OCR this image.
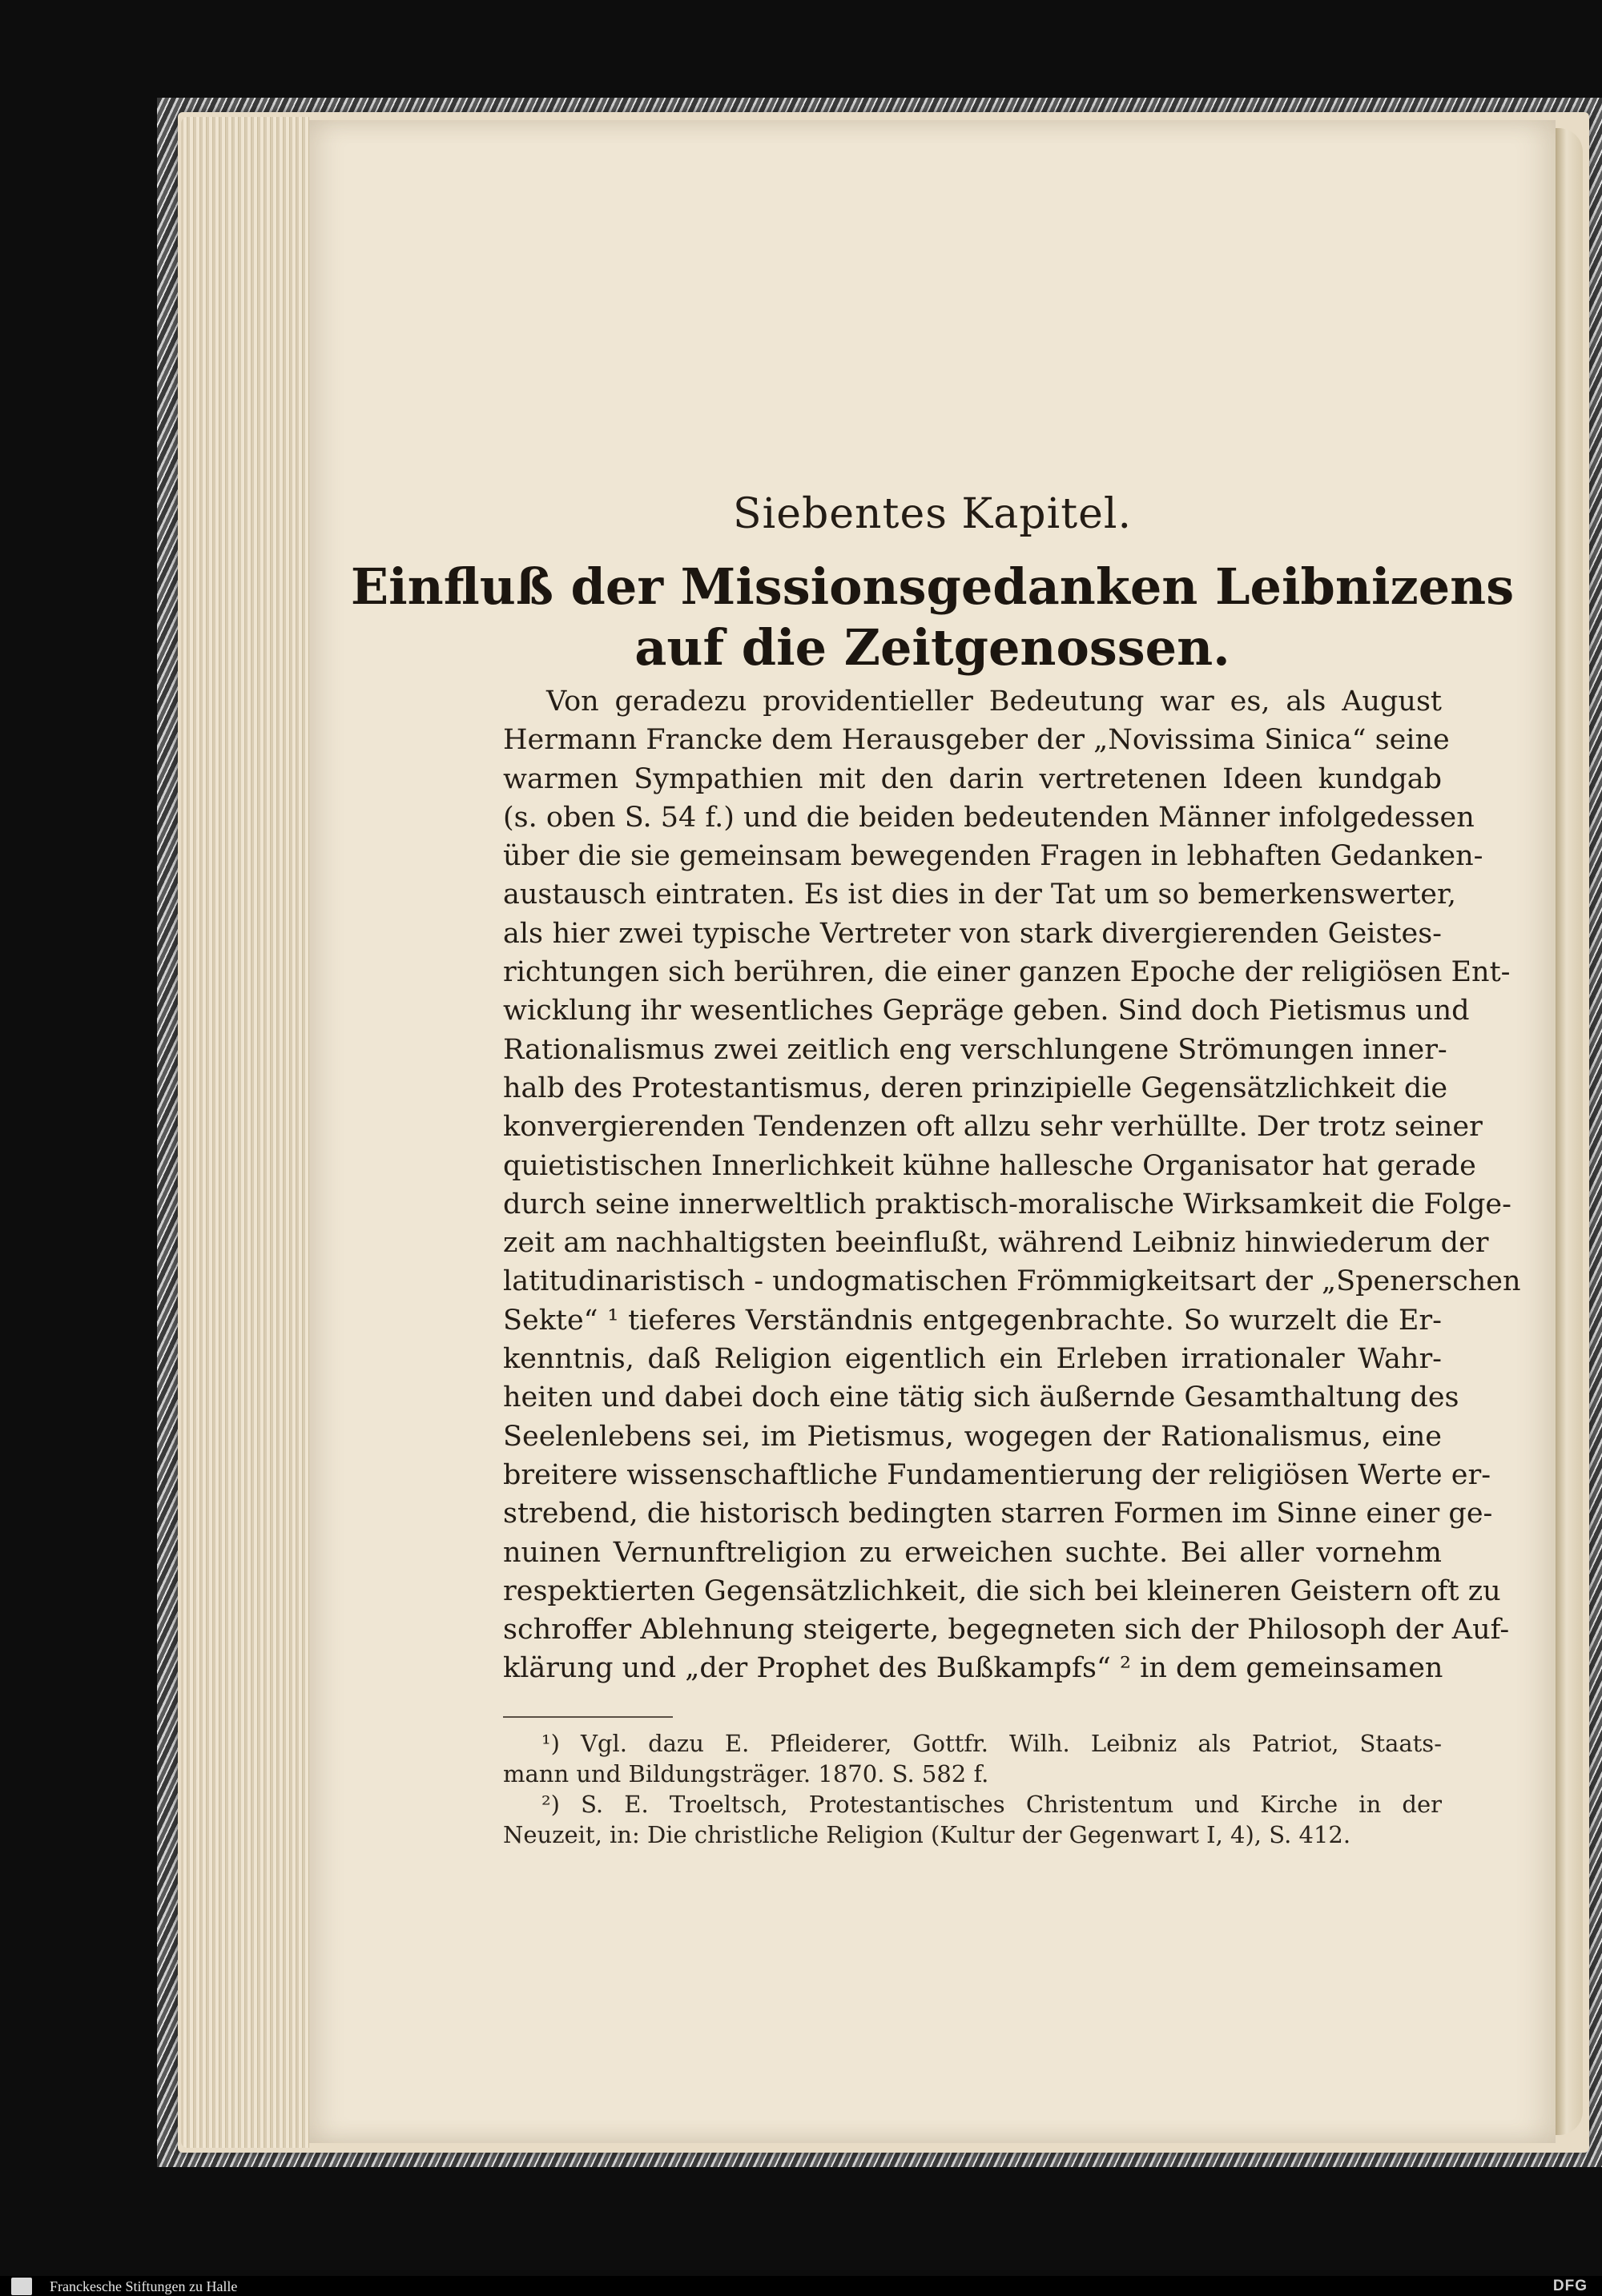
Siebentes Kapitel.
Einfluß der Missionsgedanken Leibnizens
auf die Zeitgenossen.
Von geradezu providentieller Bedeutung war es, als August
Hermann Francke dem Herausgeber der „Novissima Sinica“ seine
warmen Sympathien mit den darin vertretenen Ideen kundgab
(s. oben S. 54 f.) und die beiden bedeutenden Männer infolgedessen
über die sie gemeinsam bewegenden Fragen in lebhaften Gedanken-
austausch eintraten. Es ist dies in der Tat um so bemerkenswerter,
als hier zwei typische Vertreter von stark divergierenden Geistes-
richtungen sich berühren, die einer ganzen Epoche der religiösen Ent-
wicklung ihr wesentliches Gepräge geben. Sind doch Pietismus und
Rationalismus zwei zeitlich eng verschlungene Strömungen inner-
halb des Protestantismus, deren prinzipielle Gegensätzlichkeit die
konvergierenden Tendenzen oft allzu sehr verhüllte. Der trotz seiner
quietistischen Innerlichkeit kühne hallesche Organisator hat gerade
durch seine innerweltlich praktisch-moralische Wirksamkeit die Folge-
zeit am nachhaltigsten beeinflußt, während Leibniz hinwiederum der
latitudinaristisch - undogmatischen Frömmigkeitsart der „Spenerschen
Sekte“ ¹ tieferes Verständnis entgegenbrachte. So wurzelt die Er-
kenntnis, daß Religion eigentlich ein Erleben irrationaler Wahr-
heiten und dabei doch eine tätig sich äußernde Gesamthaltung des
Seelenlebens sei, im Pietismus, wogegen der Rationalismus, eine
breitere wissenschaftliche Fundamentierung der religiösen Werte er-
strebend, die historisch bedingten starren Formen im Sinne einer ge-
nuinen Vernunftreligion zu erweichen suchte. Bei aller vornehm
respektierten Gegensätzlichkeit, die sich bei kleineren Geistern oft zu
schroffer Ablehnung steigerte, begegneten sich der Philosoph der Auf-
klärung und „der Prophet des Bußkampfs“ ² in dem gemeinsamen
¹) Vgl. dazu E. Pfleiderer, Gottfr. Wilh. Leibniz als Patriot, Staats-
mann und Bildungsträger. 1870. S. 582 f.
²) S. E. Troeltsch, Protestantisches Christentum und Kirche in der
Neuzeit, in: Die christliche Religion (Kultur der Gegenwart I, 4), S. 412.
Franckesche Stiftungen zu Halle	DFG
